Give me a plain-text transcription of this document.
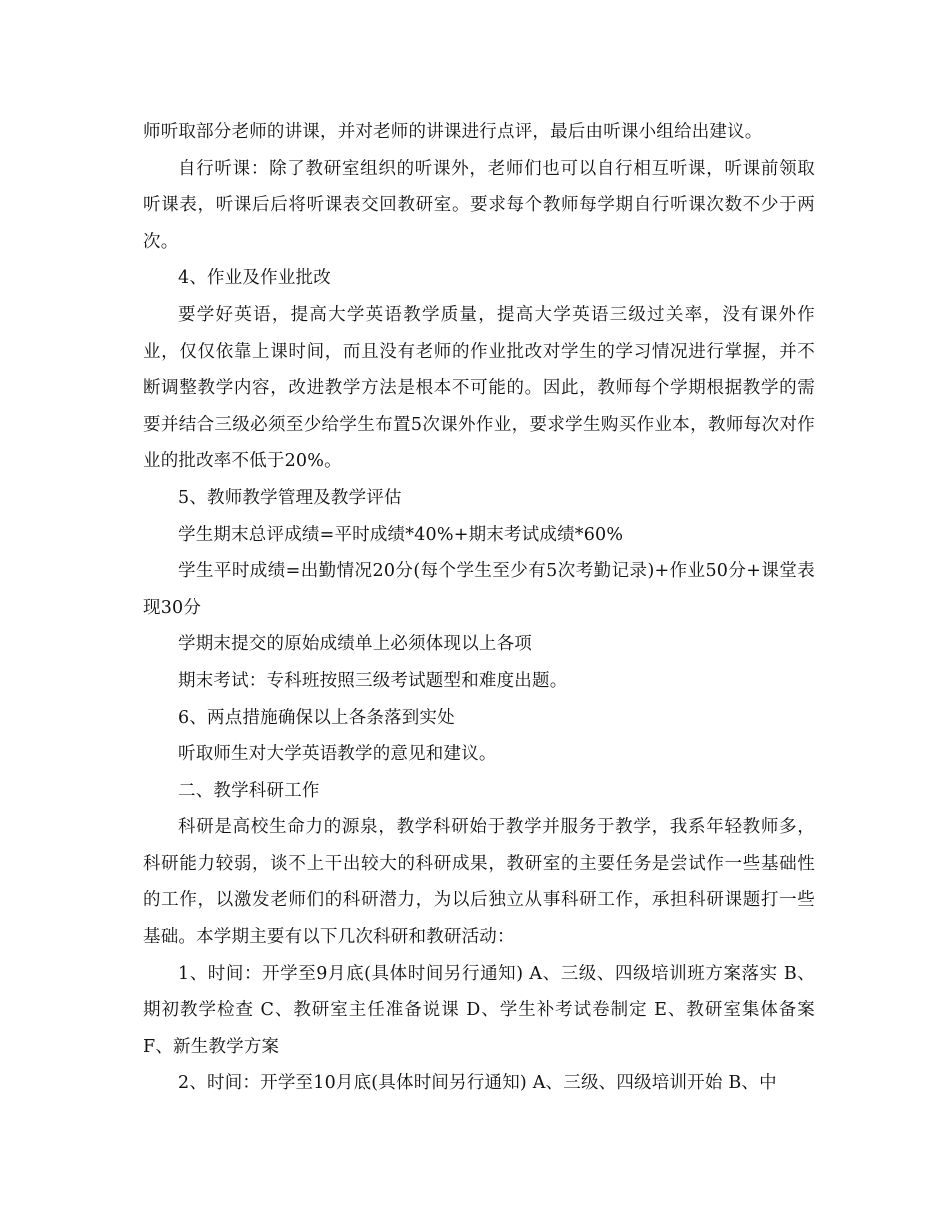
师听取部分老师的讲课，并对老师的讲课进行点评，最后由听课小组给出建议。

自行听课：除了教研室组织的听课外，老师们也可以自行相互听课，听课前领取听课表，听课后后将听课表交回教研室。要求每个教师每学期自行听课次数不少于两次。

4、作业及作业批改

要学好英语，提高大学英语教学质量，提高大学英语三级过关率，没有课外作业，仅仅依靠上课时间，而且没有老师的作业批改对学生的学习情况进行掌握，并不断调整教学内容，改进教学方法是根本不可能的。因此，教师每个学期根据教学的需要并结合三级必须至少给学生布置5次课外作业，要求学生购买作业本，教师每次对作业的批改率不低于20%。

5、教师教学管理及教学评估

学生期末总评成绩=平时成绩*40%+期末考试成绩*60%

学生平时成绩=出勤情况20分(每个学生至少有5次考勤记录)+作业50分+课堂表现30分

学期末提交的原始成绩单上必须体现以上各项

期末考试：专科班按照三级考试题型和难度出题。

6、两点措施确保以上各条落到实处

听取师生对大学英语教学的意见和建议。

二、教学科研工作

科研是高校生命力的源泉，教学科研始于教学并服务于教学，我系年轻教师多，科研能力较弱，谈不上干出较大的科研成果，教研室的主要任务是尝试作一些基础性的工作，以激发老师们的科研潜力，为以后独立从事科研工作，承担科研课题打一些基础。本学期主要有以下几次科研和教研活动：

1、时间：开学至9月底(具体时间另行通知) A、三级、四级培训班方案落实 B、期初教学检查 C、教研室主任准备说课 D、学生补考试卷制定 E、教研室集体备案 F、新生教学方案

2、时间：开学至10月底(具体时间另行通知) A、三级、四级培训开始 B、中
